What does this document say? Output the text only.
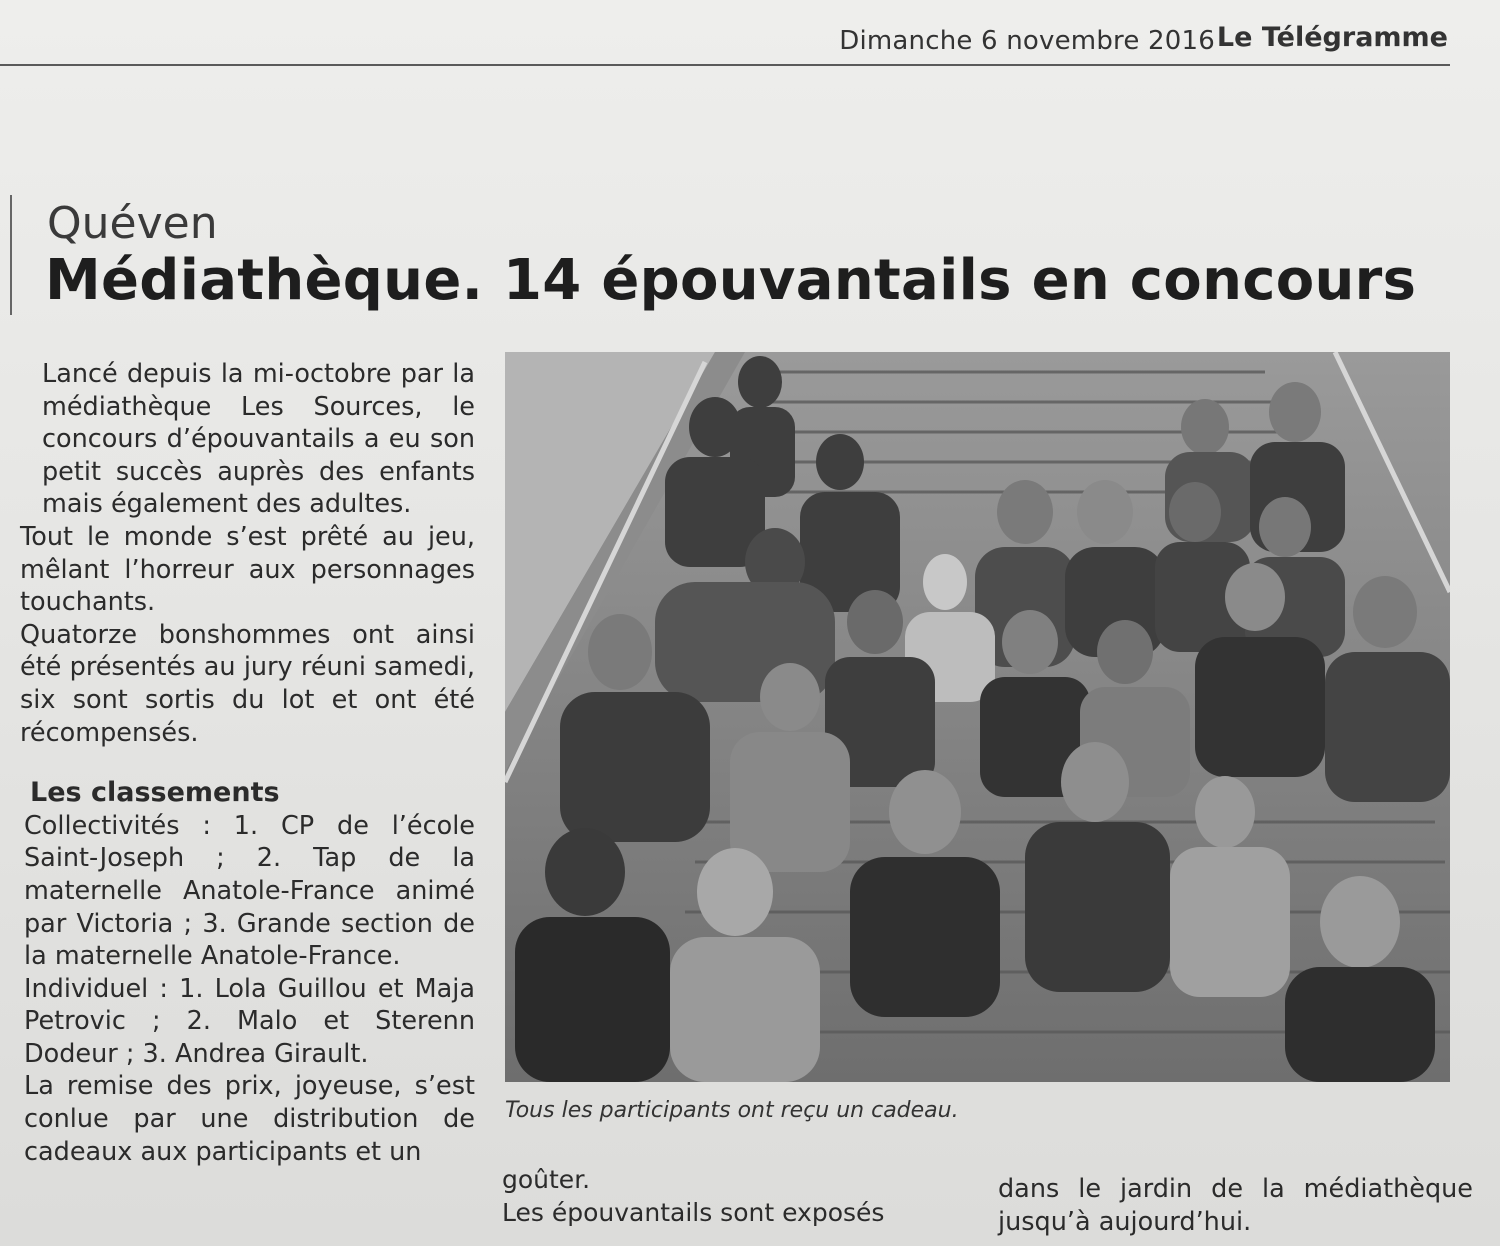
Dimanche 6 novembre 2016 Le Télégramme
Quéven
Médiathèque. 14 épouvantails en concours

Lancé depuis la mi-octobre par la médiathèque Les Sources, le concours d’épouvantails a eu son petit succès auprès des enfants mais également des adultes.

Tout le monde s’est prêté au jeu, mêlant l’horreur aux personnages touchants.

Quatorze bonshommes ont ainsi été présentés au jury réuni samedi, six sont sortis du lot et ont été récompensés.

Les classements

Collectivités : 1. CP de l’école Saint-Joseph ; 2. Tap de la maternelle Anatole-France animé par Victoria ; 3. Grande section de la maternelle Anatole-France.

Individuel : 1. Lola Guillou et Maja Petrovic ; 2. Malo et Sterenn Dodeur ; 3. Andrea Girault.

La remise des prix, joyeuse, s’est conlue par une distribution de cadeaux aux participants et un

Tous les participants ont reçu un cadeau.

goûter.

Les épouvantails sont exposés

dans le jardin de la médiathèque jusqu’à aujourd’hui.
